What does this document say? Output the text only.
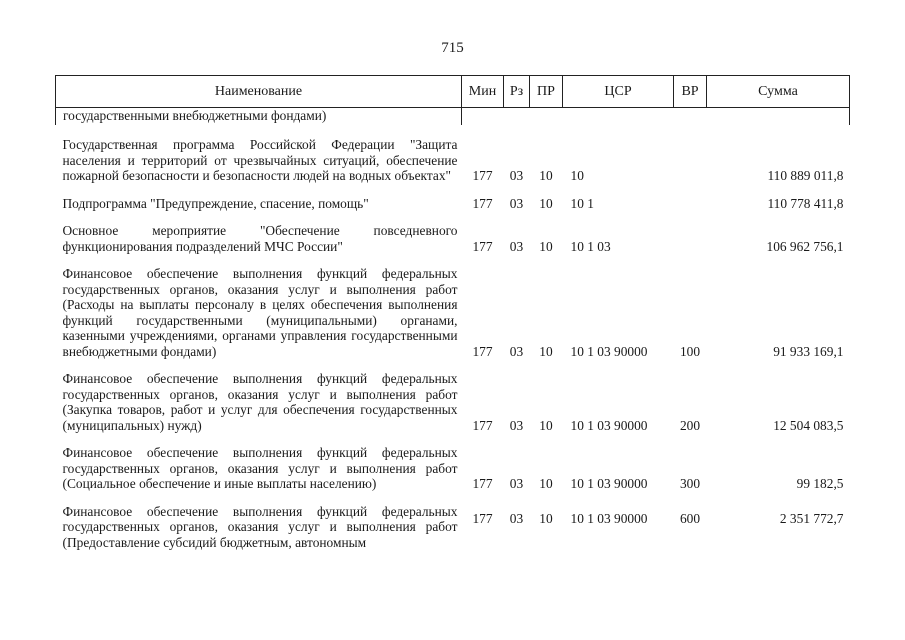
715
Наименование	Мин	Рз	ПР	ЦСР	ВР	Сумма
государственными внебюджетными фондами)						

Государственная программа Российской Федерации "Защита населения и территорий от чрезвычайных ситуаций, обеспечение пожарной безопасности и безопасности людей на водных объектах"	177	03	10	10		110 889 011,8

Подпрограмма "Предупреждение, спасение, помощь"	177	03	10	10 1		110 778 411,8

Основное мероприятие "Обеспечение повседневного функционирования подразделений МЧС России"	177	03	10	10 1 03		106 962 756,1

Финансовое обеспечение выполнения функций федеральных государственных органов, оказания услуг и выполнения работ (Расходы на выплаты персоналу в целях обеспечения выполнения функций государственными (муниципальными) органами, казенными учреждениями, органами управления государственными внебюджетными фондами)	177	03	10	10 1 03 90000	100	91 933 169,1

Финансовое обеспечение выполнения функций федеральных государственных органов, оказания услуг и выполнения работ (Закупка товаров, работ и услуг для обеспечения государственных (муниципальных) нужд)	177	03	10	10 1 03 90000	200	12 504 083,5

Финансовое обеспечение выполнения функций федеральных государственных органов, оказания услуг и выполнения работ (Социальное обеспечение и иные выплаты населению)	177	03	10	10 1 03 90000	300	99 182,5

Финансовое обеспечение выполнения функций федеральных государственных органов, оказания услуг и выполнения работ (Предоставление субсидий бюджетным, автономным	177	03	10	10 1 03 90000	600	2 351 772,7
